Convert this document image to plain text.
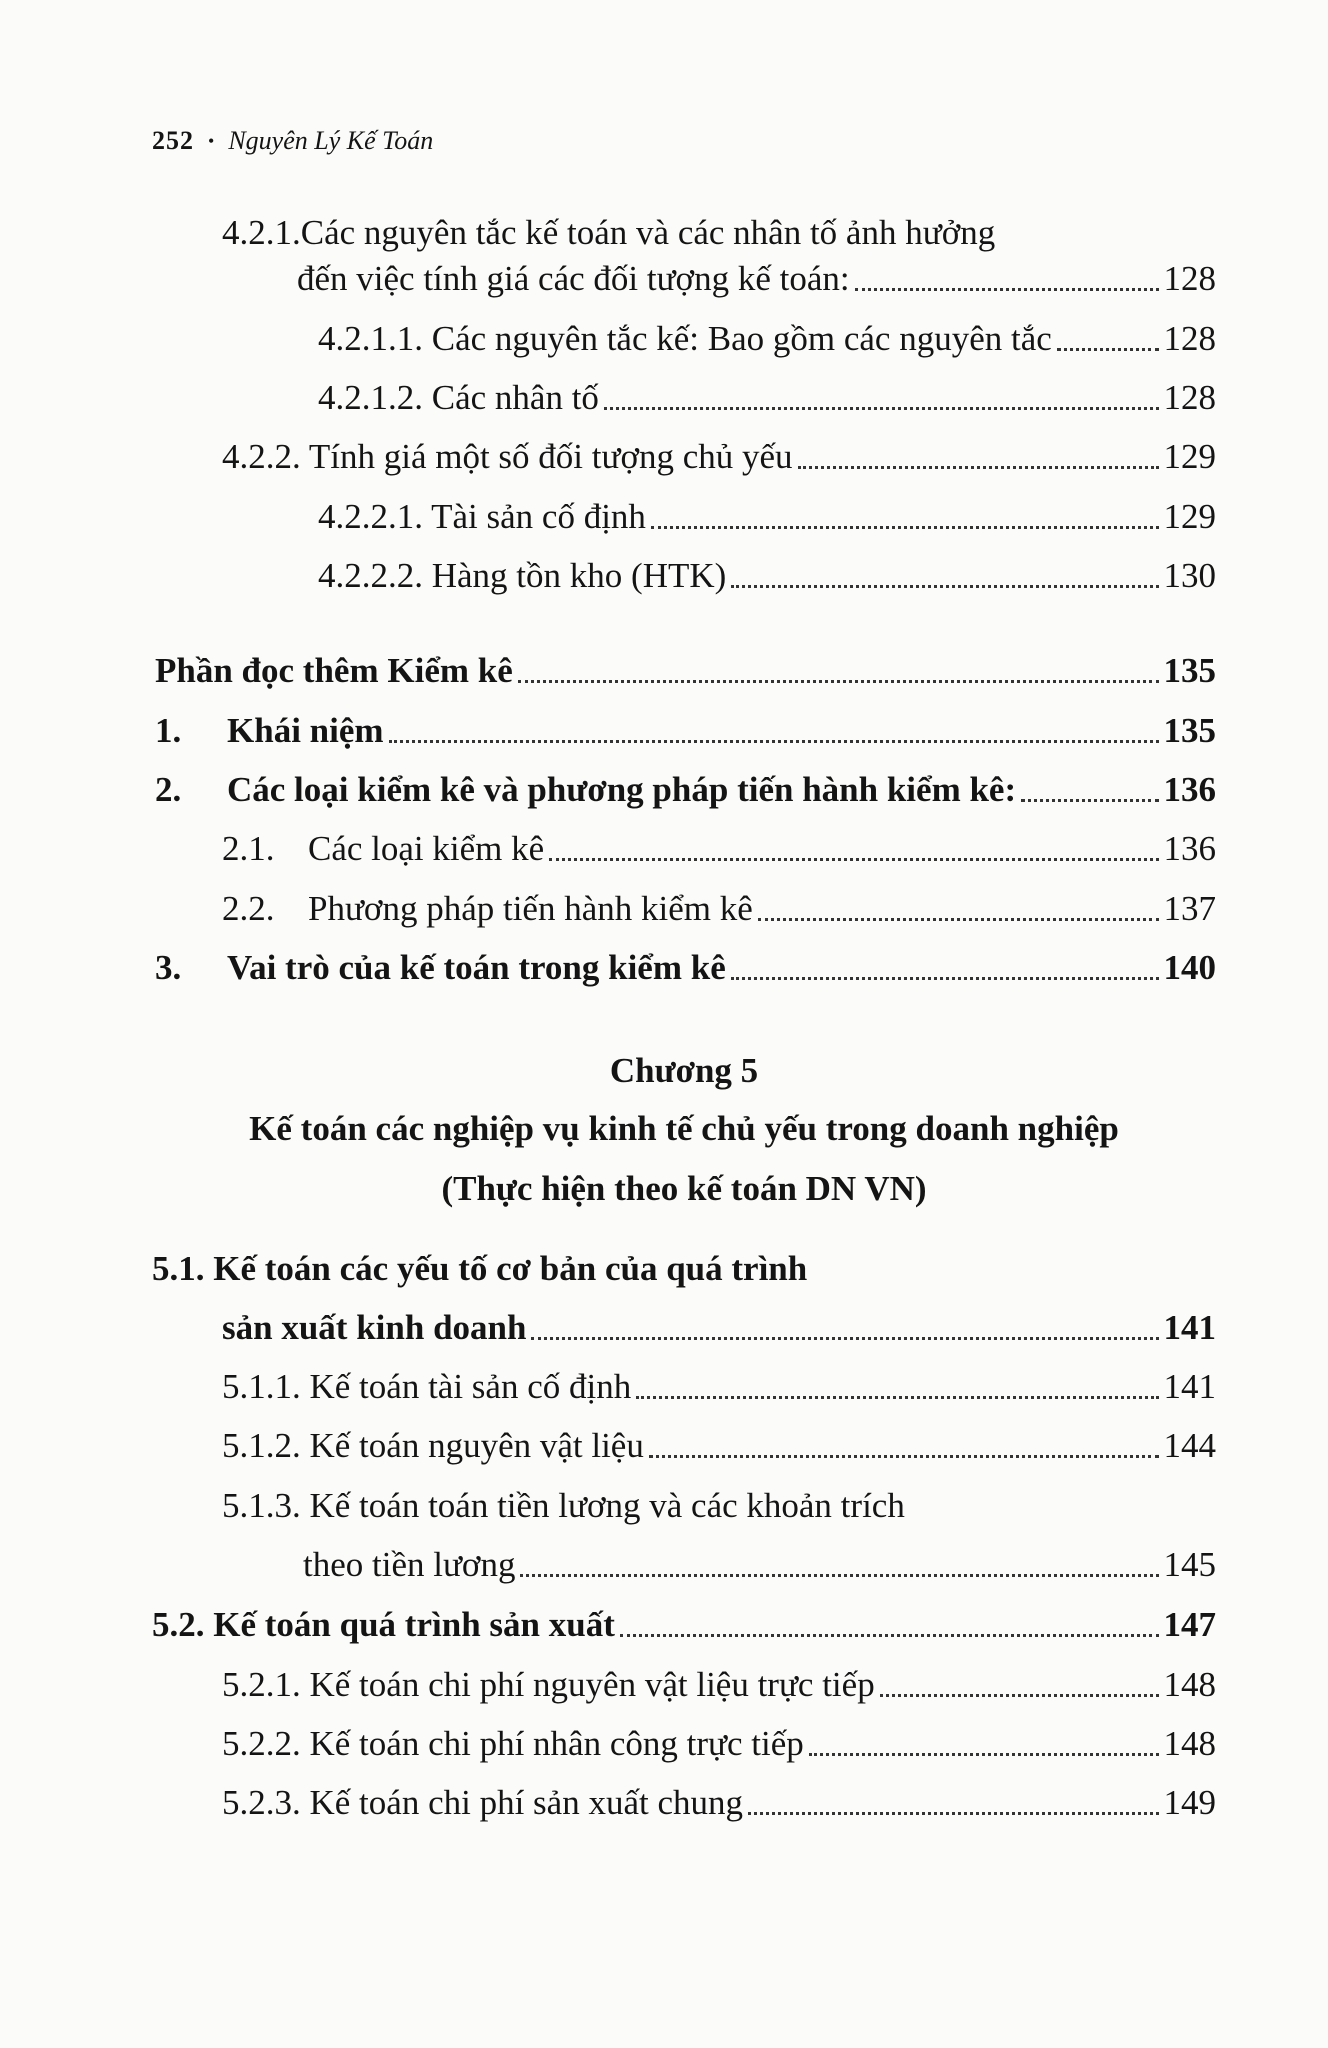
252 • Nguyên Lý Kế Toán
4.2.1.Các nguyên tắc kế toán và các nhân tố ảnh hưởng
đến việc tính giá các đối tượng kế toán:	128
4.2.1.1. Các nguyên tắc kế: Bao gồm các nguyên tắc	128
4.2.1.2. Các nhân tố	128
4.2.2. Tính giá một số đối tượng chủ yếu	129
4.2.2.1. Tài sản cố định	129
4.2.2.2. Hàng tồn kho (HTK)	130
Phần đọc thêm Kiểm kê	135
1. Khái niệm	135
2. Các loại kiểm kê và phương pháp tiến hành kiểm kê:	136
2.1. Các loại kiểm kê	136
2.2. Phương pháp tiến hành kiểm kê	137
3. Vai trò của kế toán trong kiểm kê	140
Chương 5
Kế toán các nghiệp vụ kinh tế chủ yếu trong doanh nghiệp
(Thực hiện theo kế toán DN VN)
5.1. Kế toán các yếu tố cơ bản của quá trình
sản xuất kinh doanh	141
5.1.1. Kế toán tài sản cố định	141
5.1.2. Kế toán nguyên vật liệu	144
5.1.3. Kế toán toán tiền lương và các khoản trích
theo tiền lương	145
5.2. Kế toán quá trình sản xuất	147
5.2.1. Kế toán chi phí nguyên vật liệu trực tiếp	148
5.2.2. Kế toán chi phí nhân công trực tiếp	148
5.2.3. Kế toán chi phí sản xuất chung	149
